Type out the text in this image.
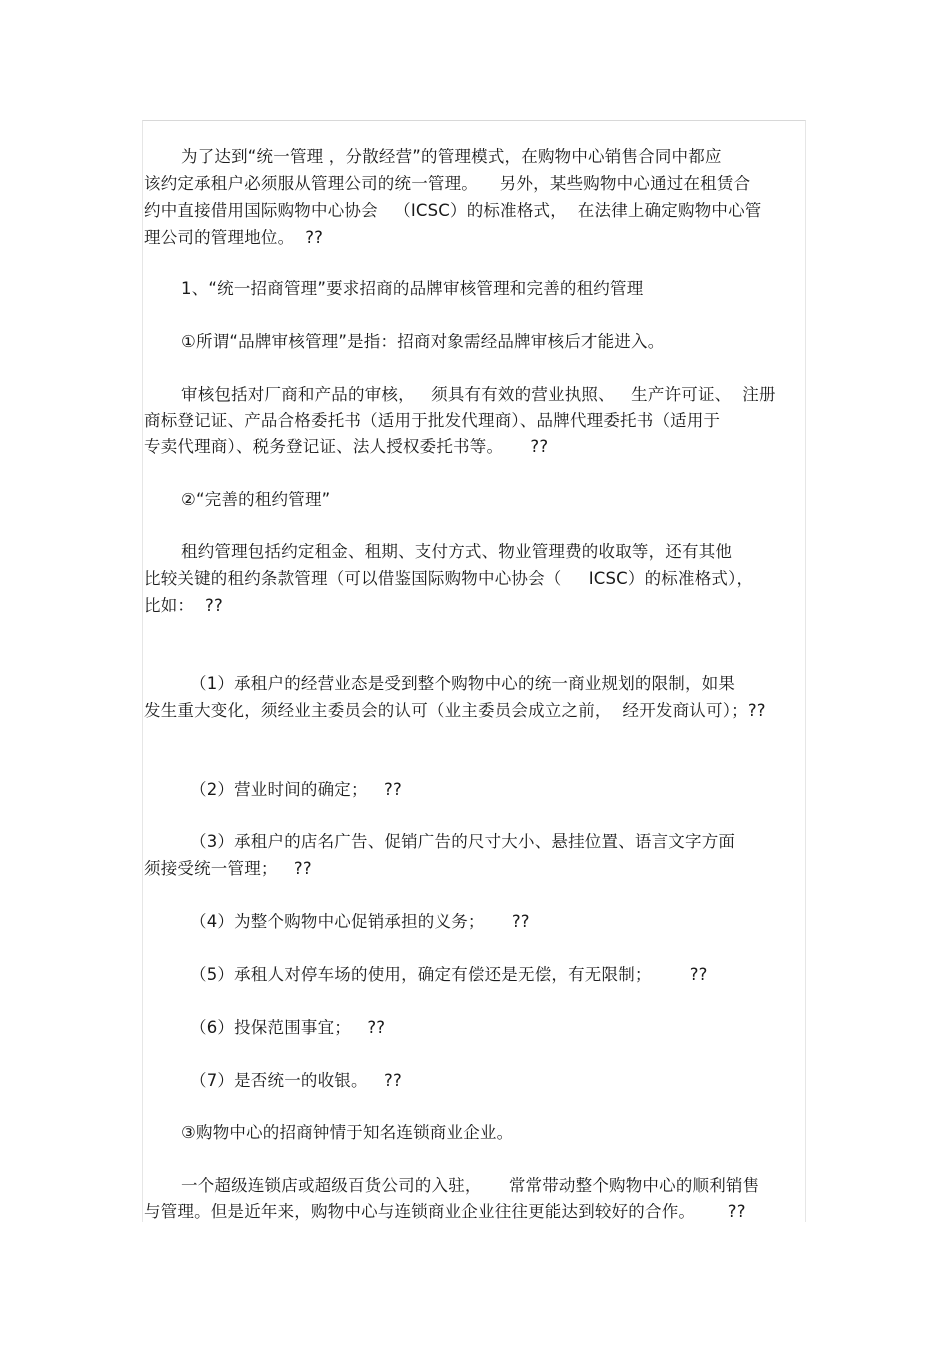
为了达到“统一管理 ，分散经营”的管理模式，在购物中心销售合同中都应
该约定承租户必须服从管理公司的统一管理。    另外，某些购物中心通过在租赁合
约中直接借用国际购物中心协会   （ICSC）的标准格式，  在法律上确定购物中心管
理公司的管理地位。  ??
1、“统一招商管理”要求招商的品牌审核管理和完善的租约管理
①所谓“品牌审核管理”是指：招商对象需经品牌审核后才能进入。
审核包括对厂商和产品的审核，   须具有有效的营业执照、   生产许可证、  注册
商标登记证、产品合格委托书（适用于批发代理商）、品牌代理委托书（适用于
专卖代理商）、税务登记证、法人授权委托书等。     ??
②“完善的租约管理”
租约管理包括约定租金、租期、支付方式、物业管理费的收取等，还有其他
比较关键的租约条款管理（可以借鉴国际购物中心协会（     ICSC）的标准格式），
比如：  ??
（1）承租户的经营业态是受到整个购物中心的统一商业规划的限制，如果
发生重大变化，须经业主委员会的认可（业主委员会成立之前，  经开发商认可）；??
（2）营业时间的确定；   ??
（3）承租户的店名广告、促销广告的尺寸大小、悬挂位置、语言文字方面
须接受统一管理；   ??
（4）为整个购物中心促销承担的义务；     ??
（5）承租人对停车场的使用，确定有偿还是无偿，有无限制；       ??
（6）投保范围事宜；   ??
（7）是否统一的收银。   ??
③购物中心的招商钟情于知名连锁商业企业。
一个超级连锁店或超级百货公司的入驻，     常常带动整个购物中心的顺利销售
与管理。但是近年来，购物中心与连锁商业企业往往更能达到较好的合作。      ??
